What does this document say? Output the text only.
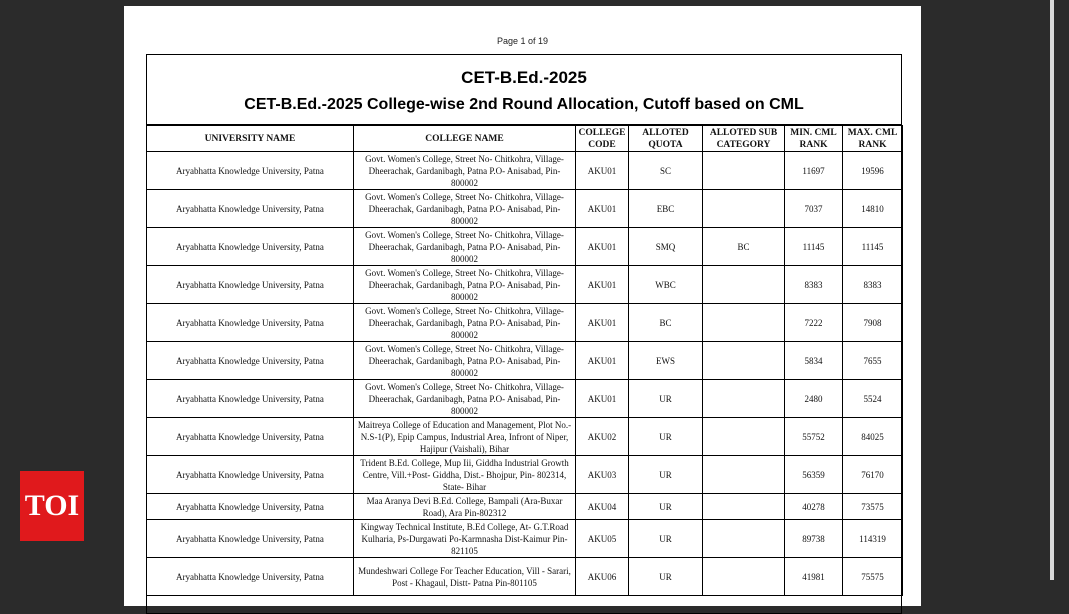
Page 1 of 19
CET-B.Ed.-2025
CET-B.Ed.-2025 College-wise 2nd Round Allocation, Cutoff based on CML
UNIVERSITY NAME	COLLEGE NAME	COLLEGE CODE	ALLOTED QUOTA	ALLOTED SUB CATEGORY	MIN. CML RANK	MAX. CML RANK
Aryabhatta Knowledge University, Patna	Govt. Women's College, Street No- Chitkohra, Village- Dheerachak, Gardanibagh, Patna P.O- Anisabad, Pin-800002	AKU01	SC		11697	19596
Aryabhatta Knowledge University, Patna	Govt. Women's College, Street No- Chitkohra, Village- Dheerachak, Gardanibagh, Patna P.O- Anisabad, Pin-800002	AKU01	EBC		7037	14810
Aryabhatta Knowledge University, Patna	Govt. Women's College, Street No- Chitkohra, Village- Dheerachak, Gardanibagh, Patna P.O- Anisabad, Pin-800002	AKU01	SMQ	BC	11145	11145
Aryabhatta Knowledge University, Patna	Govt. Women's College, Street No- Chitkohra, Village- Dheerachak, Gardanibagh, Patna P.O- Anisabad, Pin-800002	AKU01	WBC		8383	8383
Aryabhatta Knowledge University, Patna	Govt. Women's College, Street No- Chitkohra, Village- Dheerachak, Gardanibagh, Patna P.O- Anisabad, Pin-800002	AKU01	BC		7222	7908
Aryabhatta Knowledge University, Patna	Govt. Women's College, Street No- Chitkohra, Village- Dheerachak, Gardanibagh, Patna P.O- Anisabad, Pin-800002	AKU01	EWS		5834	7655
Aryabhatta Knowledge University, Patna	Govt. Women's College, Street No- Chitkohra, Village- Dheerachak, Gardanibagh, Patna P.O- Anisabad, Pin-800002	AKU01	UR		2480	5524
Aryabhatta Knowledge University, Patna	Maitreya College of Education and Management, Plot No.-N.S-1(P), Epip Campus, Industrial Area, Infront of Niper, Hajipur (Vaishali), Bihar	AKU02	UR		55752	84025
Aryabhatta Knowledge University, Patna	Trident B.Ed. College, Mup Iii, Giddha Industrial Growth Centre, Vill.+Post- Giddha, Dist.- Bhojpur, Pin- 802314, State- Bihar	AKU03	UR		56359	76170
Aryabhatta Knowledge University, Patna	Maa Aranya Devi B.Ed. College, Bampali (Ara-Buxar Road), Ara Pin-802312	AKU04	UR		40278	73575
Aryabhatta Knowledge University, Patna	Kingway Technical Institute, B.Ed College, At- G.T.Road Kulharia, Ps-Durgawati Po-Karmnasha Dist-Kaimur Pin-821105	AKU05	UR		89738	114319
Aryabhatta Knowledge University, Patna	Mundeshwari College For Teacher Education, Vill - Sarari, Post - Khagaul, Distt- Patna Pin-801105	AKU06	UR		41981	75575
TOI
